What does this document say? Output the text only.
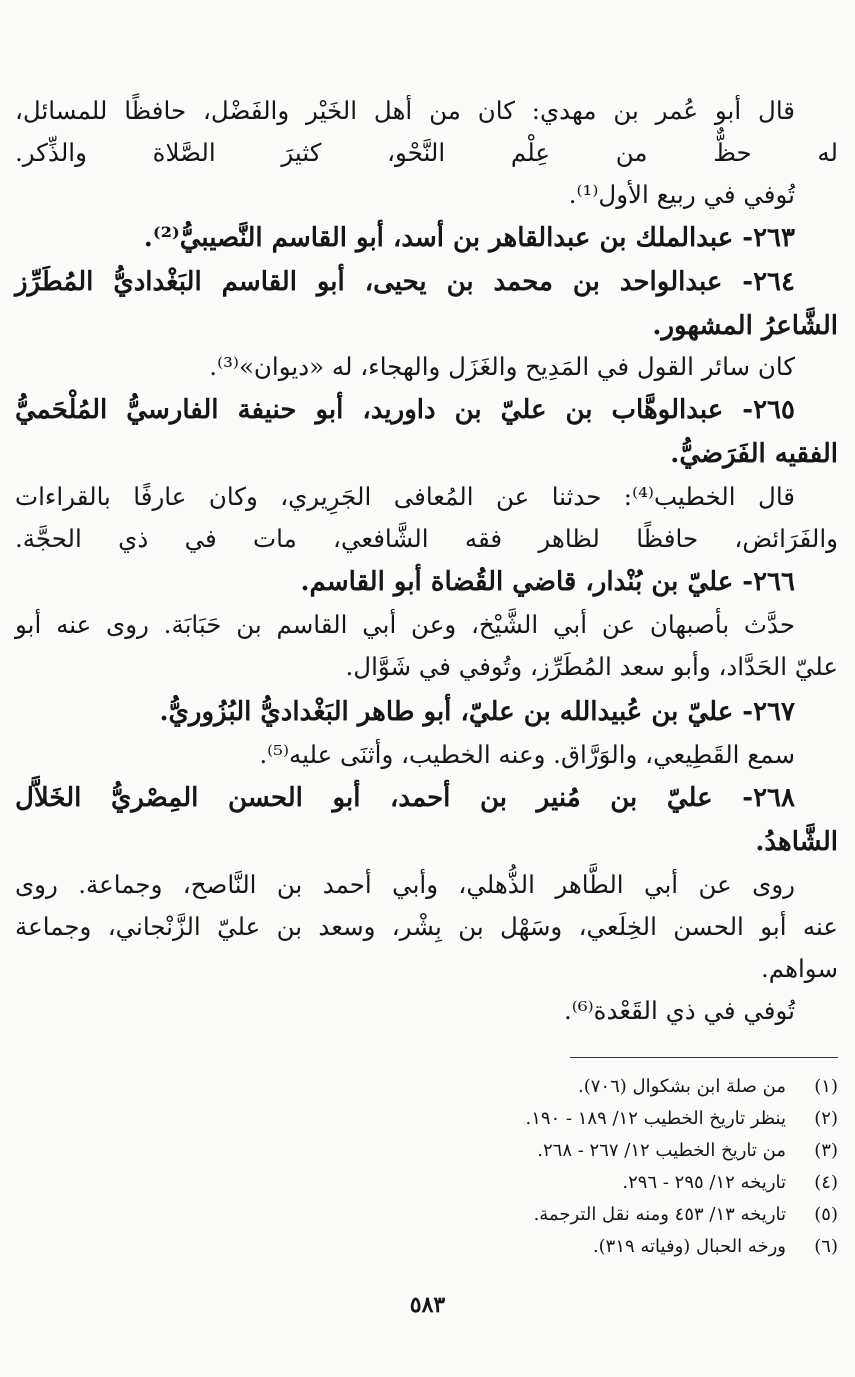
قال أبو عُمر بن مهدي: كان من أهل الخَيْر والفَضْل، حافظًا للمسائل،
له حظٌّ من عِلْم النَّحْو، كثيرَ الصَّلاة والذِّكر.
تُوفي في ربيع الأول⁽¹⁾.
٢٦٣- عبدالملك بن عبدالقاهر بن أسد، أبو القاسم النَّصيبيُّ⁽²⁾.
٢٦٤- عبدالواحد بن محمد بن يحيى، أبو القاسم البَغْداديُّ المُطَرِّز
الشَّاعرُ المشهور.
كان سائر القول في المَدِيح والغَزَل والهجاء، له «ديوان»⁽³⁾.
٢٦٥- عبدالوهَّاب بن عليّ بن داوريد، أبو حنيفة الفارسيُّ المُلْحَميُّ
الفقيه الفَرَضيُّ.
قال الخطيب⁽⁴⁾: حدثنا عن المُعافى الجَرِيري، وكان عارفًا بالقراءات
والفَرَائض، حافظًا لظاهر فقه الشَّافعي، مات في ذي الحجَّة.
٢٦٦- عليّ بن بُنْدار، قاضي القُضاة أبو القاسم.
حدَّث بأصبهان عن أبي الشَّيْخ، وعن أبي القاسم بن حَبَابَة. روى عنه أبو
عليّ الحَدَّاد، وأبو سعد المُطَرِّز، وتُوفي في شَوَّال.
٢٦٧- عليّ بن عُبيدالله بن عليّ، أبو طاهر البَغْداديُّ البُزُوريُّ.
سمع القَطِيعي، والوَرَّاق. وعنه الخطيب، وأثنَى عليه⁽⁵⁾.
٢٦٨- عليّ بن مُنير بن أحمد، أبو الحسن المِصْريُّ الخَلاَّل
الشَّاهدُ.
روى عن أبي الطَّاهر الذُّهلي، وأبي أحمد بن النَّاصح، وجماعة. روى
عنه أبو الحسن الخِلَعي، وسَهْل بن بِشْر، وسعد بن عليّ الزَّنْجاني، وجماعة
سواهم.
تُوفي في ذي القَعْدة⁽⁶⁾.
(١)من صلة ابن بشكوال (٧٠٦).
(٢)ينظر تاريخ الخطيب ١٢/ ١٨٩ - ١٩٠.
(٣)من تاريخ الخطيب ١٢/ ٢٦٧ - ٢٦٨.
(٤)تاريخه ١٢/ ٢٩٥ - ٢٩٦.
(٥)تاريخه ١٣/ ٤٥٣ ومنه نقل الترجمة.
(٦)ورخه الحبال (وفياته ٣١٩).
٥٨٣
